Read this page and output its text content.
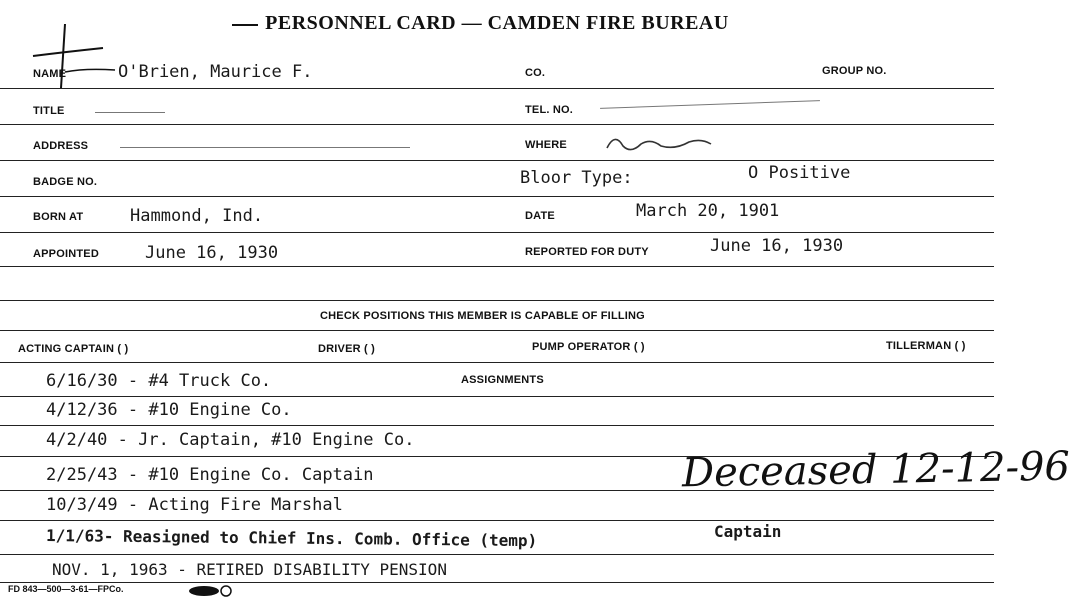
PERSONNEL CARD — CAMDEN FIRE BUREAU
NAME	O'Brien, Maurice F.	CO.	GROUP NO.
TITLE	TEL. NO.
ADDRESS	WHERE
BADGE NO.	Bloor Type:	O Positive
BORN AT	Hammond, Ind.	DATE	March 20, 1901
APPOINTED	June 16, 1930	REPORTED FOR DUTY	June 16, 1930
CHECK POSITIONS THIS MEMBER IS CAPABLE OF FILLING
ACTING CAPTAIN ( )	DRIVER ( )	PUMP OPERATOR ( )	TILLERMAN ( )
ASSIGNMENTS
6/16/30 - #4 Truck Co.
4/12/36 - #10 Engine Co.
4/2/40 - Jr. Captain, #10 Engine Co.
2/25/43 - #10 Engine Co. Captain
10/3/49 - Acting Fire Marshal
1/1/63- Reasigned to Chief Ins. Comb. Office (temp)	Captain
NOV. 1, 1963 - RETIRED DISABILITY PENSION
Deceased 12-12-96
FD 843—500—3-61—FPCo.
